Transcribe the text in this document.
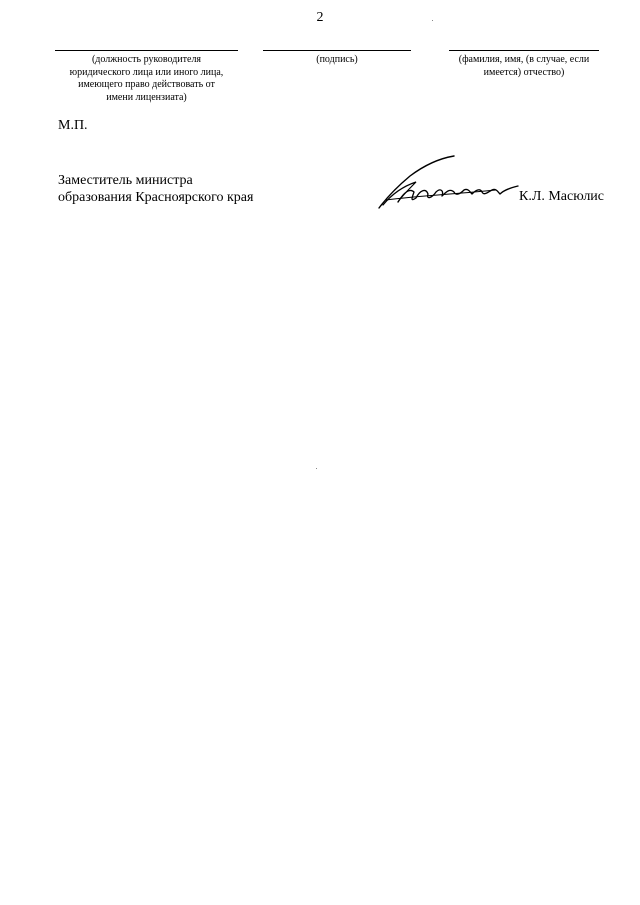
2
(должность руководителя
юридического лица или иного лица,
имеющего право действовать от
имени лицензиата)
(подпись)	(фамилия, имя, (в случае, если
имеется) отчество)
М.П.
Заместитель министра
образования Красноярского края	К.Л. Масюлис
